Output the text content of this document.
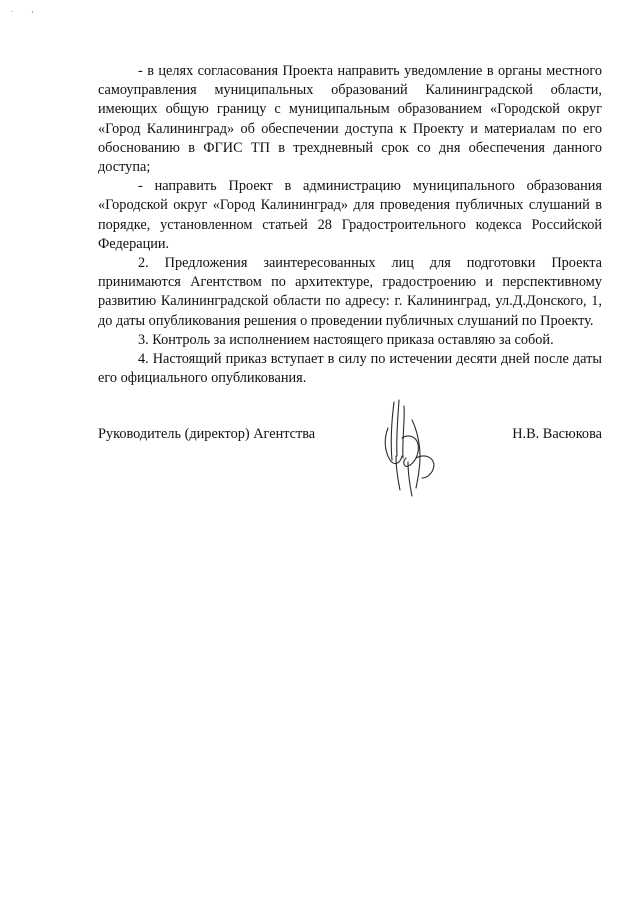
. ,

- в целях согласования Проекта направить уведомление в органы местного самоуправления муниципальных образований Калининградской области, имеющих общую границу с муниципальным образованием «Городской округ «Город Калининград» об обеспечении доступа к Проекту и материалам по его обоснованию в ФГИС ТП в трехдневный срок со дня обеспечения данного доступа;

- направить Проект в администрацию муниципального образования «Городской округ «Город Калининград» для проведения публичных слушаний в порядке, установленном статьей 28 Градостроительного кодекса Российской Федерации.

2. Предложения заинтересованных лиц для подготовки Проекта принимаются Агентством по архитектуре, градостроению и перспективному развитию Калининградской области по адресу: г. Калининград, ул.Д.Донского, 1, до даты опубликования решения о проведении публичных слушаний по Проекту.

3. Контроль за исполнением настоящего приказа оставляю за собой.

4. Настоящий приказ вступает в силу по истечении десяти дней после даты его официального опубликования.

Руководитель (директор) Агентства	Н.В. Васюкова
